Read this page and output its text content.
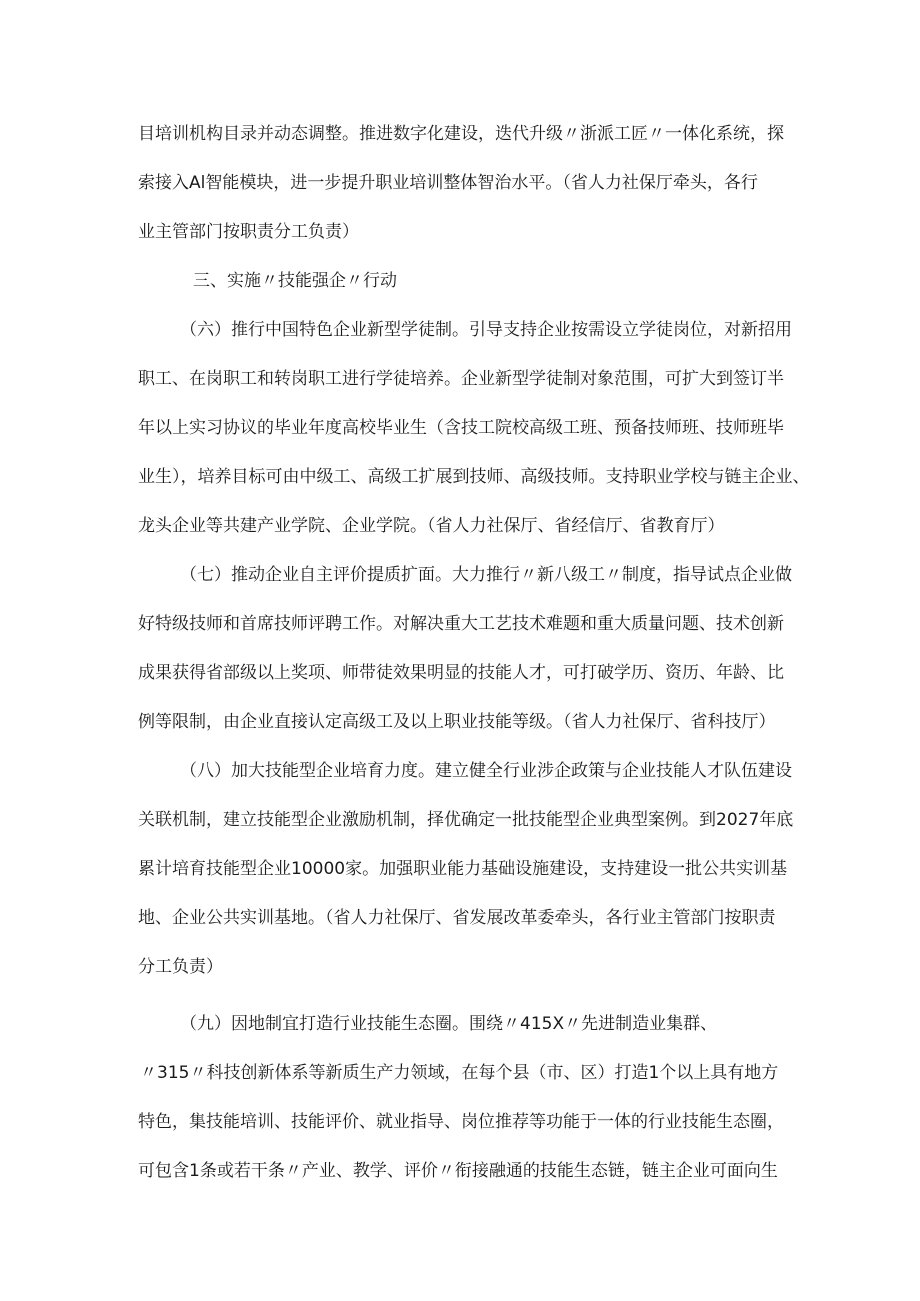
目培训机构目录并动态调整。推进数字化建设，迭代升级〃浙派工匠〃一体化系统，探
索接入Al智能模块，进一步提升职业培训整体智治水平。（省人力社保厅牵头，各行
业主管部门按职责分工负责）
三、实施〃技能强企〃行动
（六）推行中国特色企业新型学徒制。引导支持企业按需设立学徒岗位，对新招用
职工、在岗职工和转岗职工进行学徒培养。企业新型学徒制对象范围，可扩大到签订半
年以上实习协议的毕业年度高校毕业生（含技工院校高级工班、预备技师班、技师班毕
业生），培养目标可由中级工、高级工扩展到技师、高级技师。支持职业学校与链主企业、
龙头企业等共建产业学院、企业学院。（省人力社保厅、省经信厅、省教育厅）
（七）推动企业自主评价提质扩面。大力推行〃新八级工〃制度，指导试点企业做
好特级技师和首席技师评聘工作。对解决重大工艺技术难题和重大质量问题、技术创新
成果获得省部级以上奖项、师带徒效果明显的技能人才，可打破学历、资历、年龄、比
例等限制，由企业直接认定高级工及以上职业技能等级。（省人力社保厅、省科技厅）
（八）加大技能型企业培育力度。建立健全行业涉企政策与企业技能人才队伍建设
关联机制，建立技能型企业激励机制，择优确定一批技能型企业典型案例。到2027年底
累计培育技能型企业10000家。加强职业能力基础设施建设，支持建设一批公共实训基
地、企业公共实训基地。（省人力社保厅、省发展改革委牵头，各行业主管部门按职责
分工负责）
（九）因地制宜打造行业技能生态圈。围绕〃415X〃先进制造业集群、
〃315〃科技创新体系等新质生产力领域，在每个县（市、区）打造1个以上具有地方
特色，集技能培训、技能评价、就业指导、岗位推荐等功能于一体的行业技能生态圈，
可包含1条或若干条〃产业、教学、评价〃衔接融通的技能生态链，链主企业可面向生
